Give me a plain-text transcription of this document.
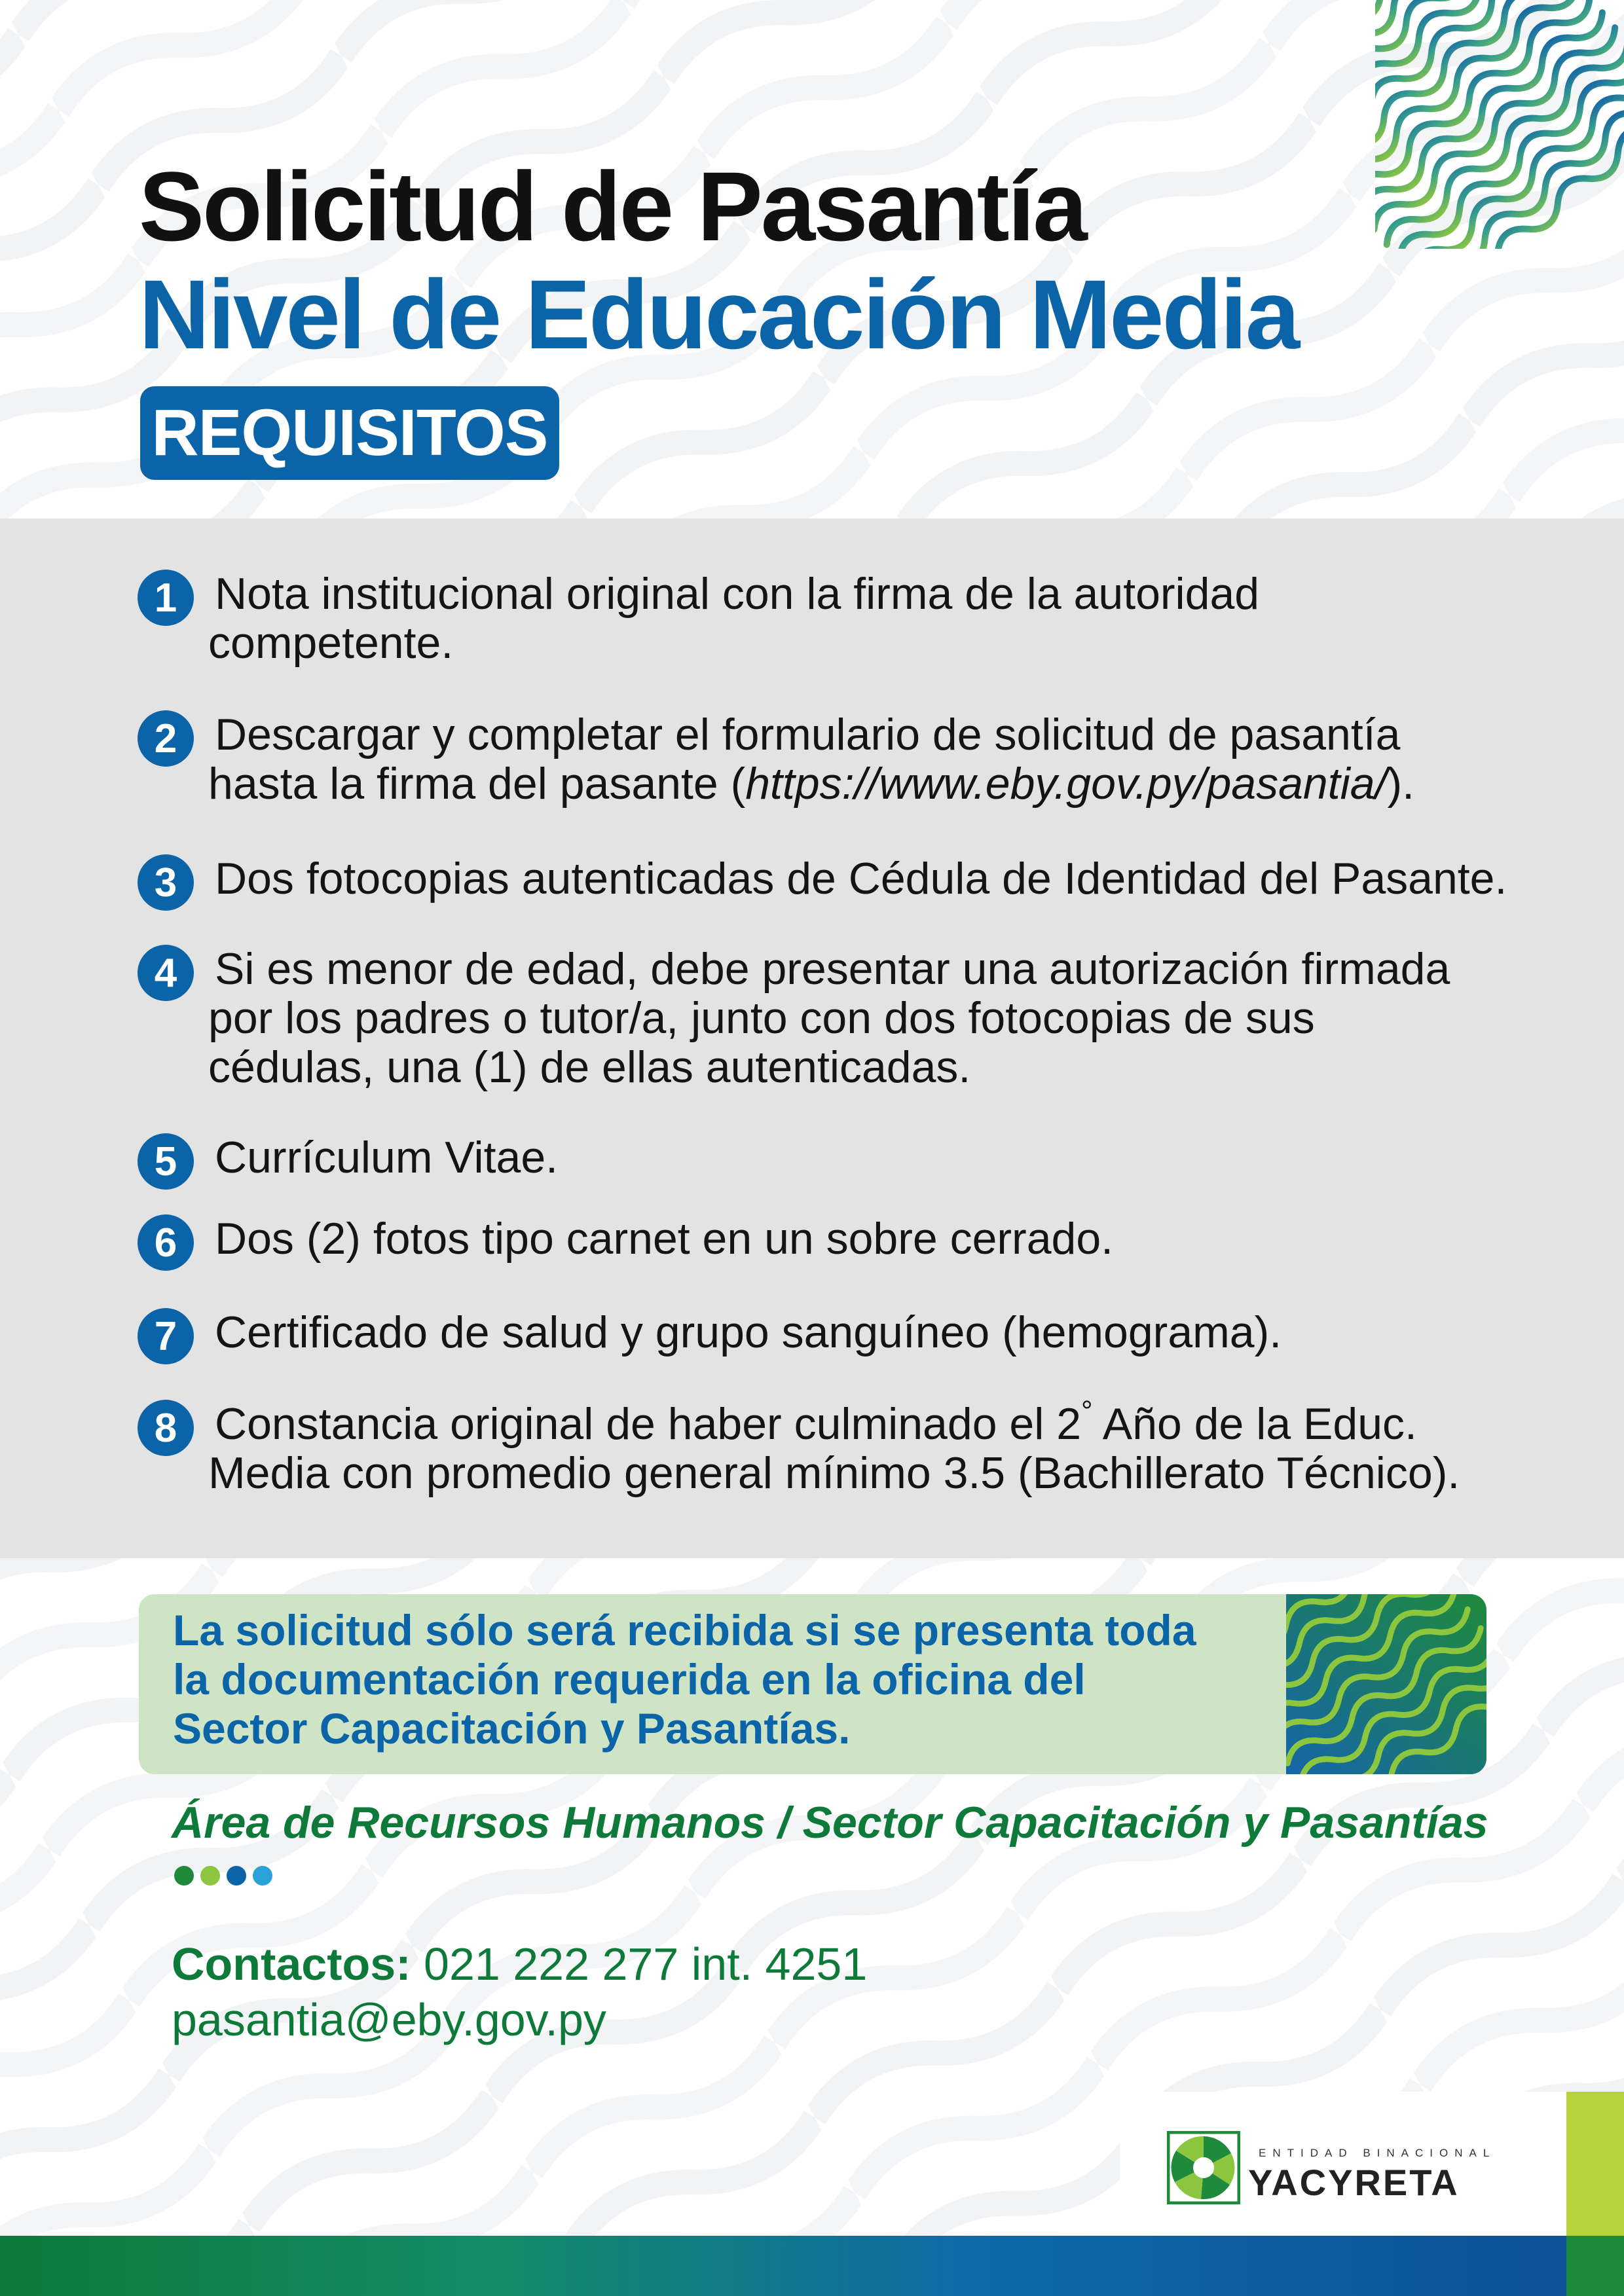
Solicitud de Pasantía
Nivel de Educación Media
REQUISITOS
1 Nota institucional original con la firma de la autoridad

competente.

2 Descargar y completar el formulario de solicitud de pasantía

hasta la firma del pasante (https://www.eby.gov.py/pasantia/).

3 Dos fotocopias autenticadas de Cédula de Identidad del Pasante.

4 Si es menor de edad, debe presentar una autorización firmada

por los padres o tutor/a, junto con dos fotocopias de sus

cédulas, una (1) de ellas autenticadas.

5 Currículum Vitae.

6 Dos (2) fotos tipo carnet en un sobre cerrado.

7 Certificado de salud y grupo sanguíneo (hemograma).

8 Constancia original de haber culminado el 2° Año de la Educ.

Media con promedio general mínimo 3.5 (Bachillerato Técnico).

La solicitud sólo será recibida si se presenta toda
la documentación requerida en la oficina del
Sector Capacitación y Pasantías.

Área de Recursos Humanos / Sector Capacitación y Pasantías

Contactos: 021 222 277 int. 4251

pasantia@eby.gov.py

ENTIDAD BINACIONAL

YACYRETA
